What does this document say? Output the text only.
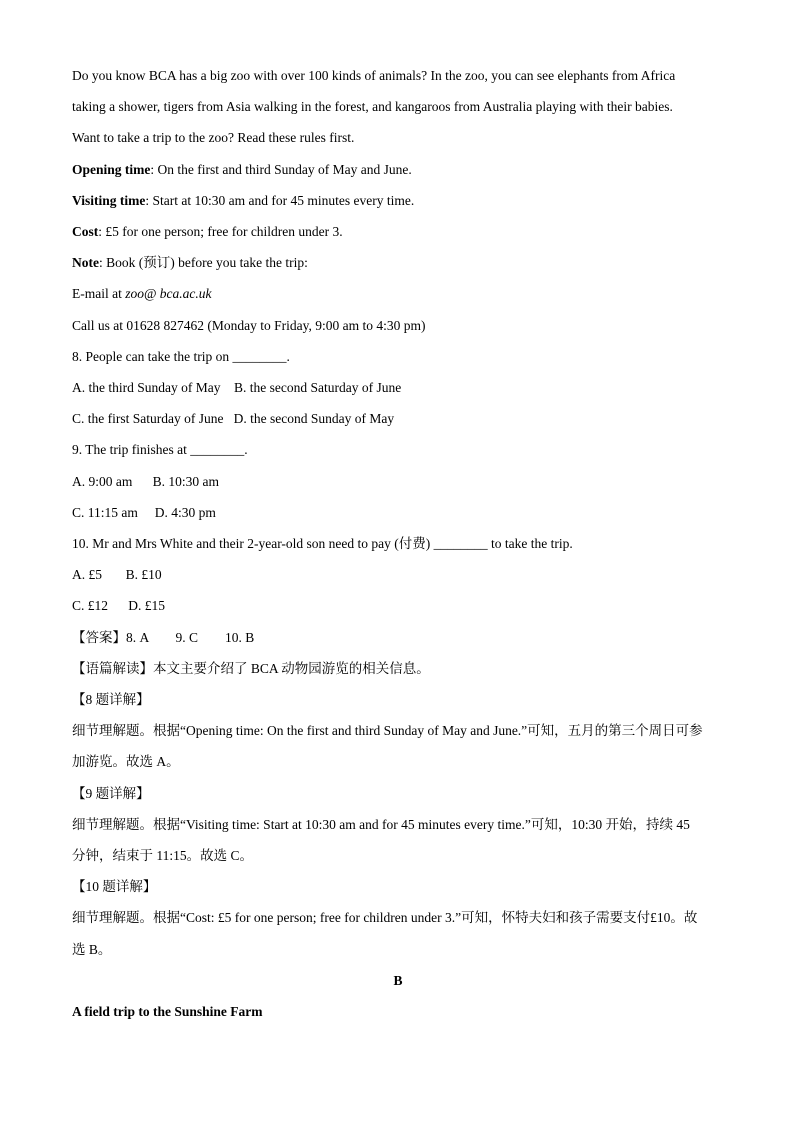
Do you know BCA has a big zoo with over 100 kinds of animals? In the zoo, you can see elephants from Africa
taking a shower, tigers from Asia walking in the forest, and kangaroos from Australia playing with their babies.
Want to take a trip to the zoo? Read these rules first.
Opening time: On the first and third Sunday of May and June.
Visiting time: Start at 10:30 am and for 45 minutes every time.
Cost: £5 for one person; free for children under 3.
Note: Book (预订) before you take the trip:
E-mail at zoo@ bca.ac.uk
Call us at 01628 827462 (Monday to Friday, 9:00 am to 4:30 pm)
8. People can take the trip on ________.
A. the third Sunday of May    B. the second Saturday of June
C. the first Saturday of June   D. the second Sunday of May
9. The trip finishes at ________.
A. 9:00 am      B. 10:30 am
C. 11:15 am     D. 4:30 pm
10. Mr and Mrs White and their 2-year-old son need to pay (付费) ________ to take the trip.
A. £5       B. £10
C. £12      D. £15
【答案】8. A        9. C        10. B
【语篇解读】本文主要介绍了 BCA 动物园游览的相关信息。
【8 题详解】
细节理解题。根据“Opening time: On the first and third Sunday of May and June.”可知，五月的第三个周日可参
加游览。故选 A。
【9 题详解】
细节理解题。根据“Visiting time: Start at 10:30 am and for 45 minutes every time.”可知，10:30 开始，持续 45
分钟，结束于 11:15。故选 C。
【10 题详解】
细节理解题。根据“Cost: £5 for one person; free for children under 3.”可知，怀特夫妇和孩子需要支付£10。故
选 B。
B
A field trip to the Sunshine Farm
